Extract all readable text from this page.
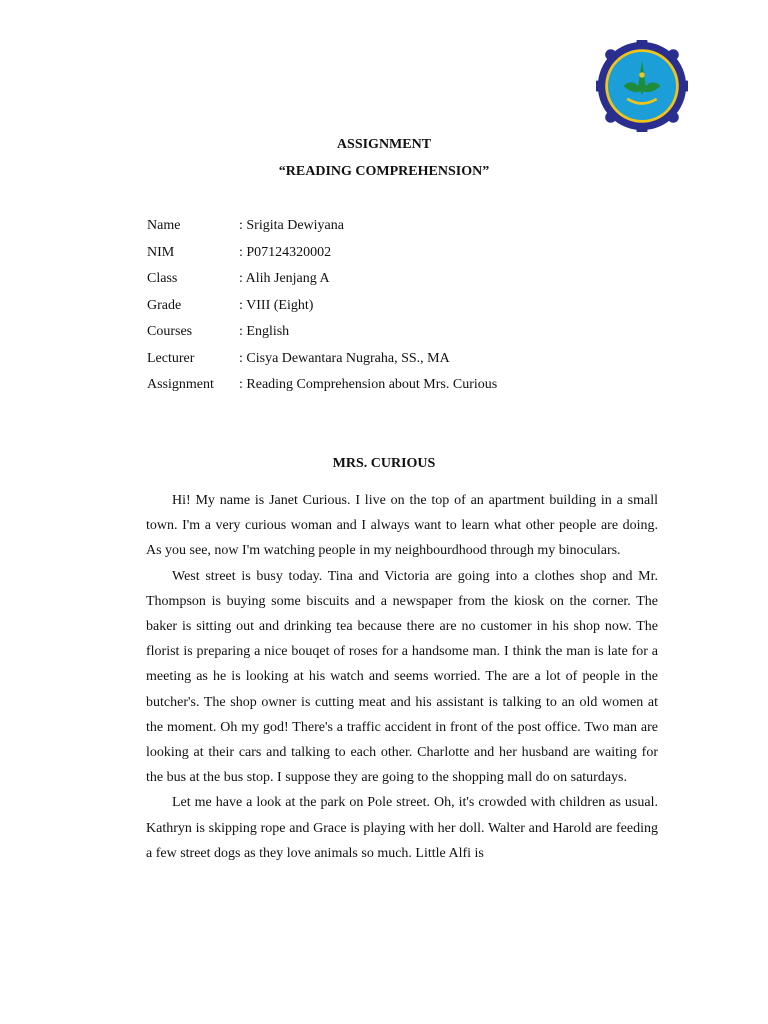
ASSIGNMENT
“READING COMPREHENSION”
Name	: Srigita Dewiyana
NIM	: P07124320002
Class	: Alih Jenjang A
Grade	: VIII (Eight)
Courses	: English
Lecturer	: Cisya Dewantara Nugraha, SS., MA
Assignment	: Reading Comprehension about Mrs. Curious
MRS. CURIOUS

Hi! My name is Janet Curious. I live on the top of an apartment building in a small town. I'm a very curious woman and I always want to learn what other people are doing. As you see, now I'm watching people in my neighbourdhood through my binoculars.

West street is busy today. Tina and Victoria are going into a clothes shop and Mr. Thompson is buying some biscuits and a newspaper from the kiosk on the corner. The baker is sitting out and drinking tea because there are no customer in his shop now. The florist is preparing a nice bouqet of roses for a handsome man. I think the man is late for a meeting as he is looking at his watch and seems worried. The are a lot of people in the butcher's. The shop owner is cutting meat and his assistant is talking to an old women at the moment. Oh my god! There's a traffic accident in front of the post office. Two man are looking at their cars and talking to each other. Charlotte and her husband are waiting for the bus at the bus stop. I suppose they are going to the shopping mall do on saturdays.

Let me have a look at the park on Pole street. Oh, it's crowded with children as usual. Kathryn is skipping rope and Grace is playing with her doll. Walter and Harold are feeding a few street dogs as they love animals so much. Little Alfi is
